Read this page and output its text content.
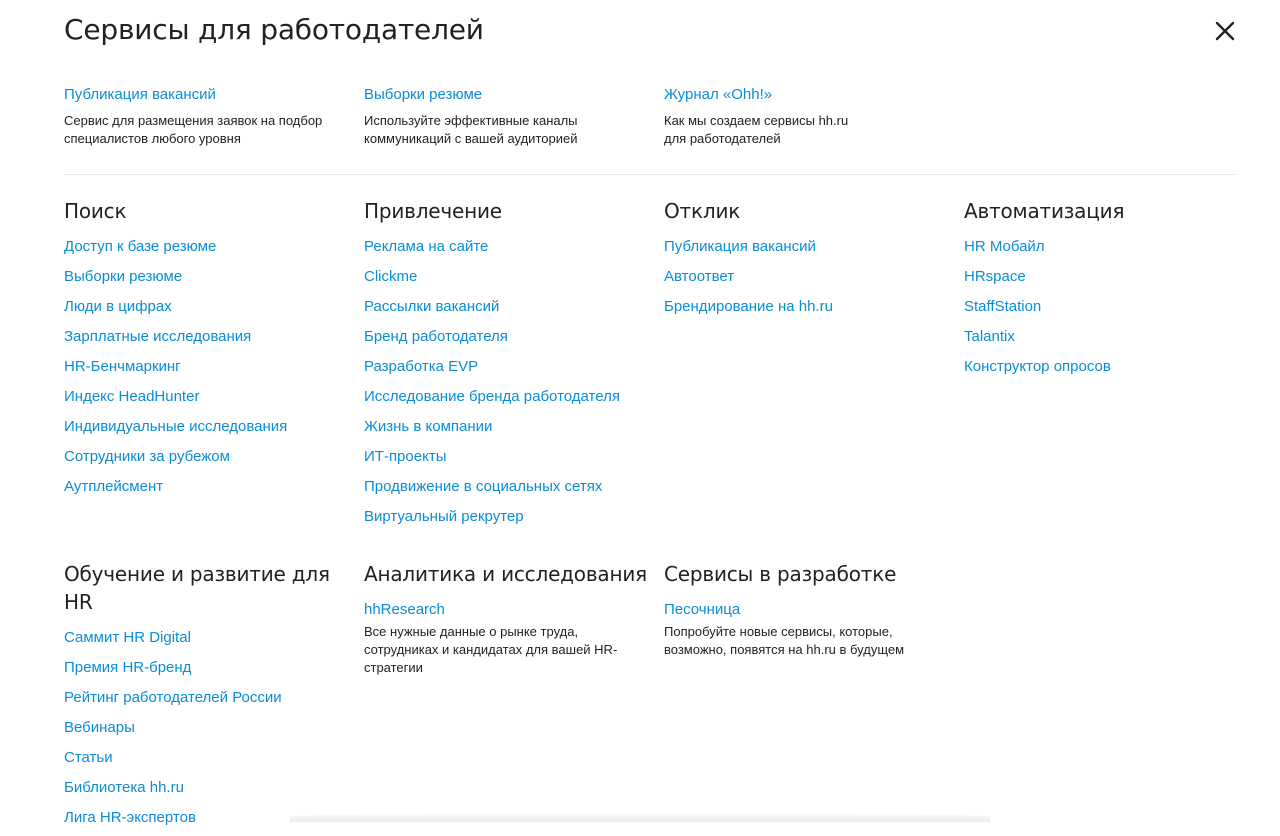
Сервисы для работодателей
Публикация вакансий
Сервис для размещения заявок на подбор
специалистов любого уровня
Выборки резюме
Используйте эффективные каналы
коммуникаций с вашей аудиторией
Журнал «Ohh!»
Как мы создаем сервисы hh.ru
для работодателей
Поиск
Доступ к базе резюме
Выборки резюме
Люди в цифрах
Зарплатные исследования
HR-Бенчмаркинг
Индекс HeadHunter
Индивидуальные исследования
Сотрудники за рубежом
Аутплейсмент
Привлечение
Реклама на сайте
Clickme
Рассылки вакансий
Бренд работодателя
Разработка EVP
Исследование бренда работодателя
Жизнь в компании
ИТ-проекты
Продвижение в социальных сетях
Виртуальный рекрутер
Отклик
Публикация вакансий
Автоответ
Брендирование на hh.ru
Автоматизация
HR Мобайл
HRspace
StaffStation
Talantix
Конструктор опросов
Обучение и развитие для HR
Саммит HR Digital
Премия HR-бренд
Рейтинг работодателей России
Вебинары
Статьи
Библиотека hh.ru
Лига HR-экспертов
Аналитика и исследования
hhResearch
Все нужные данные о рынке труда,
сотрудниках и кандидатах для вашей HR-
стратегии
Сервисы в разработке
Песочница
Попробуйте новые сервисы, которые,
возможно, появятся на hh.ru в будущем
